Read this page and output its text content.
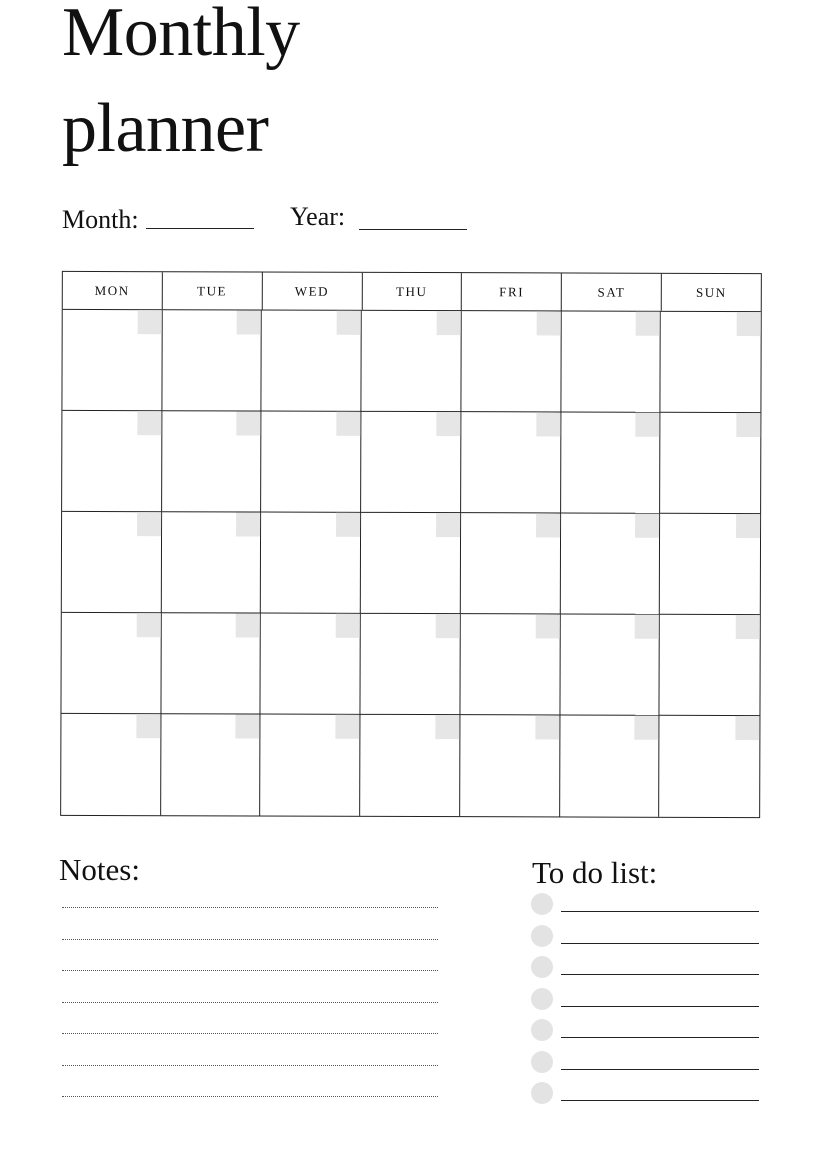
Monthly
planner
Month:	Year:
MON	TUE	WED	THU	FRI	SAT	SUN
Notes:	To do list:
